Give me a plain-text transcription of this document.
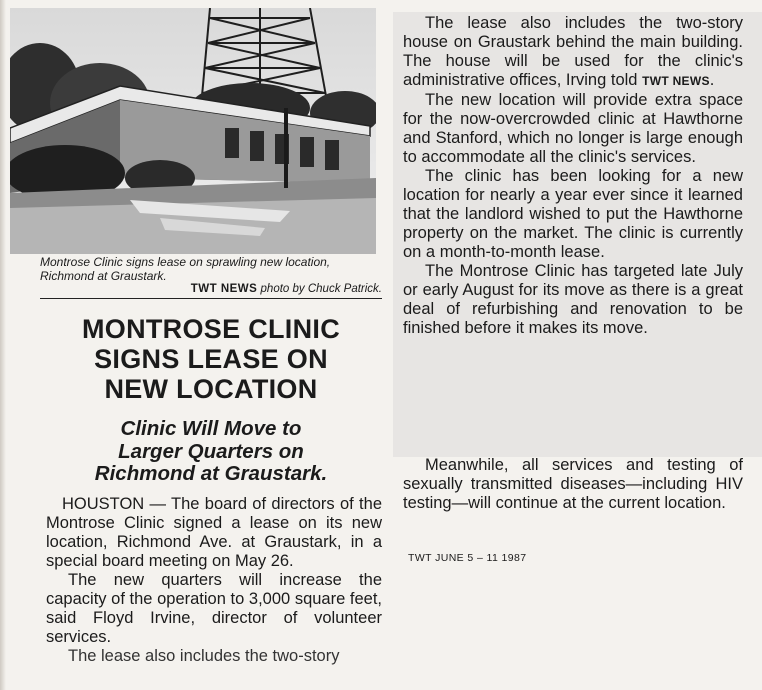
Montrose Clinic signs lease on sprawling new location, Richmond at Graustark.
TWT NEWS photo by Chuck Patrick.
MONTROSE CLINIC
SIGNS LEASE ON
NEW LOCATION
Clinic Will Move to
Larger Quarters on
Richmond at Graustark.

HOUSTON — The board of directors of the Montrose Clinic signed a lease on its new location, Richmond Ave. at Graustark, in a special board meeting on May 26.

The new quarters will increase the capacity of the operation to 3,000 square feet, said Floyd Irvine, director of volunteer services.

The lease also includes the two-story

The lease also includes the two-story house on Graustark behind the main building. The house will be used for the clinic's administrative offices, Irving told TWT NEWS.

The new location will provide extra space for the now-overcrowded clinic at Hawthorne and Stanford, which no longer is large enough to accommodate all the clinic's services.

The clinic has been looking for a new location for nearly a year ever since it learned that the landlord wished to put the Hawthorne property on the market. The clinic is currently on a month-to-month lease.

The Montrose Clinic has targeted late July or early August for its move as there is a great deal of refurbishing and renovation to be finished before it makes its move.

Meanwhile, all services and testing of sexually transmitted diseases—including HIV testing—will continue at the current location.

TWT JUNE 5 – 11 1987
